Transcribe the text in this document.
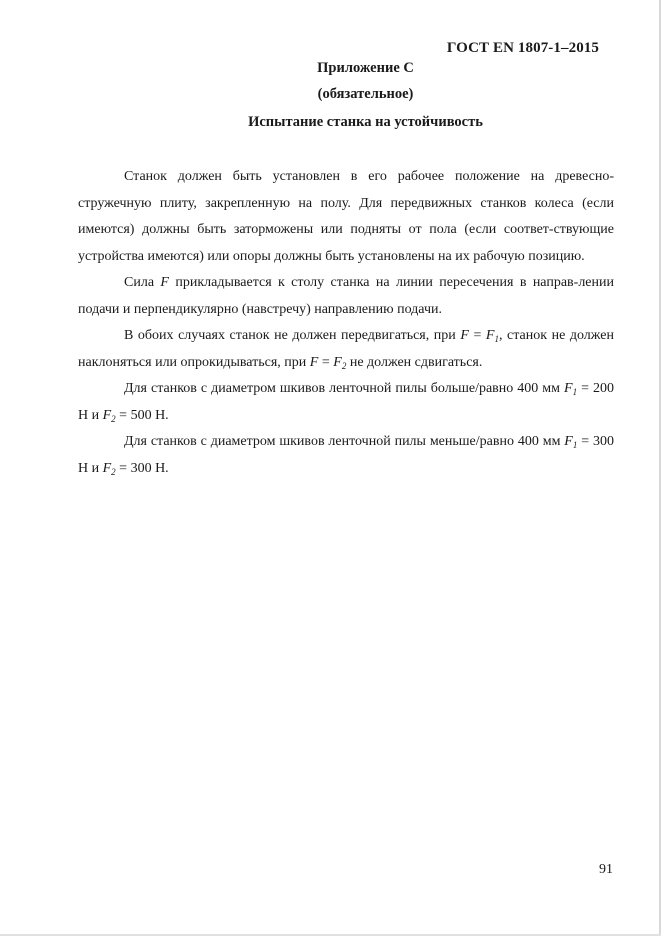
ГОСТ EN 1807-1–2015
Приложение С
(обязательное)
Испытание станка на устойчивость

Станок должен быть установлен в его рабочее положение на древесно-стружечную плиту, закрепленную на полу. Для передвижных станков колеса (если имеются) должны быть заторможены или подняты от пола (если соответ-ствующие устройства имеются) или опоры должны быть установлены на их рабочую позицию.

Сила F прикладывается к столу станка на линии пересечения в направ-лении подачи и перпендикулярно (навстречу) направлению подачи.

В обоих случаях станок не должен передвигаться, при $F = F_1$, станок не должен наклоняться или опрокидываться, при $F = F_2$ не должен сдвигаться.

Для станков с диаметром шкивов ленточной пилы больше/равно 400 мм $F_1 = 200$ Н и $F_2 = 500$ Н.

Для станков с диаметром шкивов ленточной пилы меньше/равно 400 мм $F_1 = 300$ Н и $F_2 = 300$ Н.

91
